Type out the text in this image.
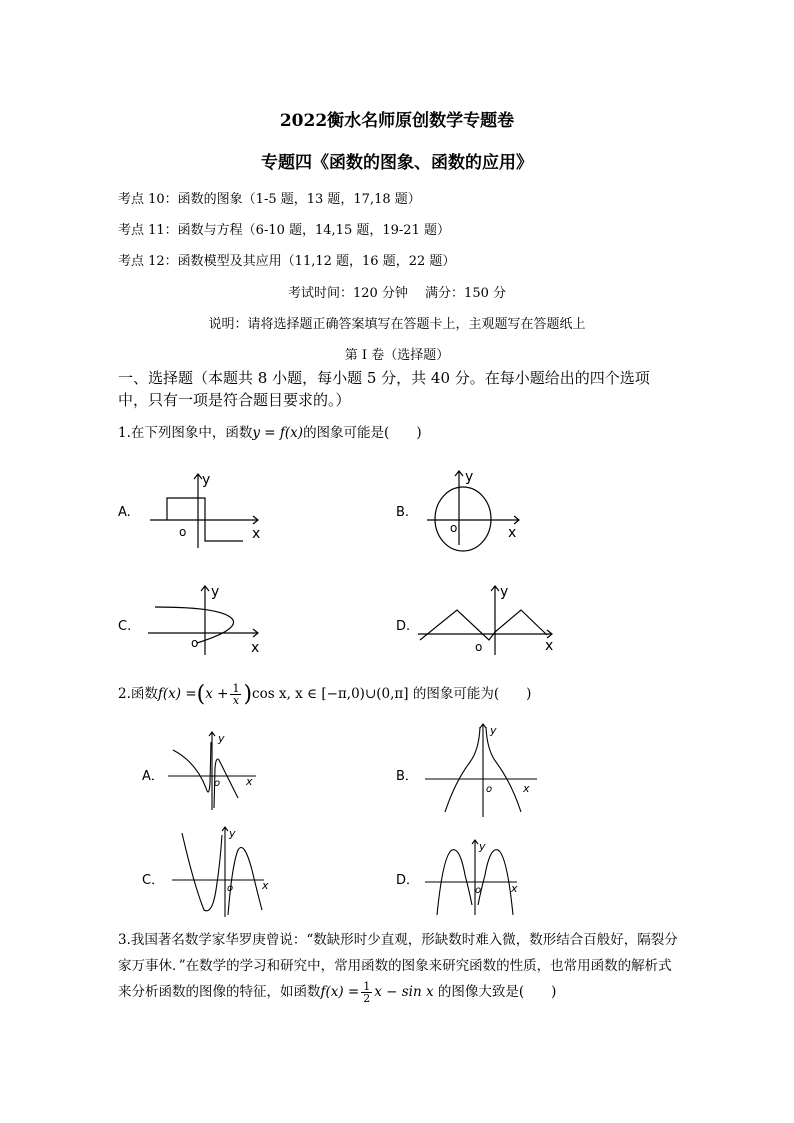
2022衡水名师原创数学专题卷
专题四《函数的图象、函数的应用》
考点 10：函数的图象（1-5 题，13 题，17,18 题）
考点 11：函数与方程（6-10 题，14,15 题，19-21 题）
考点 12：函数模型及其应用（11,12 题，16 题，22 题）
考试时间：120 分钟　 满分：150 分
说明：请将选择题正确答案填写在答题卡上，主观题写在答题纸上
第 I 卷（选择题）
一、选择题（本题共 8 小题，每小题 5 分，共 40 分。在每小题给出的四个选项中，只有一项是符合题目要求的。）
1.在下列图象中，函数y = f(x)的图象可能是(　　)
A.
y
o	x
B.
y
o	x
C.
y
o	x
D.
y
o	x
2.函数$f(x) =(x + \frac{1}{x} )\cos$ x, x ∈ [−π,0)∪(0,π] 的图象可能为(　　)
A．
y
o x	B．
y
o	x
C．
y
o	x	D．
y
o	x
3.我国著名数学家华罗庚曾说：“数缺形时少直观，形缺数时难入微，数形结合百般好，隔裂分家万事休．”在数学的学习和研究中，常用函数的图象来研究函数的性质，也常用函数的解析式来分析函数的图像的特征，如函数$f(x) = \frac{1}{2}$ x − sin x 的图像大致是(　　)
